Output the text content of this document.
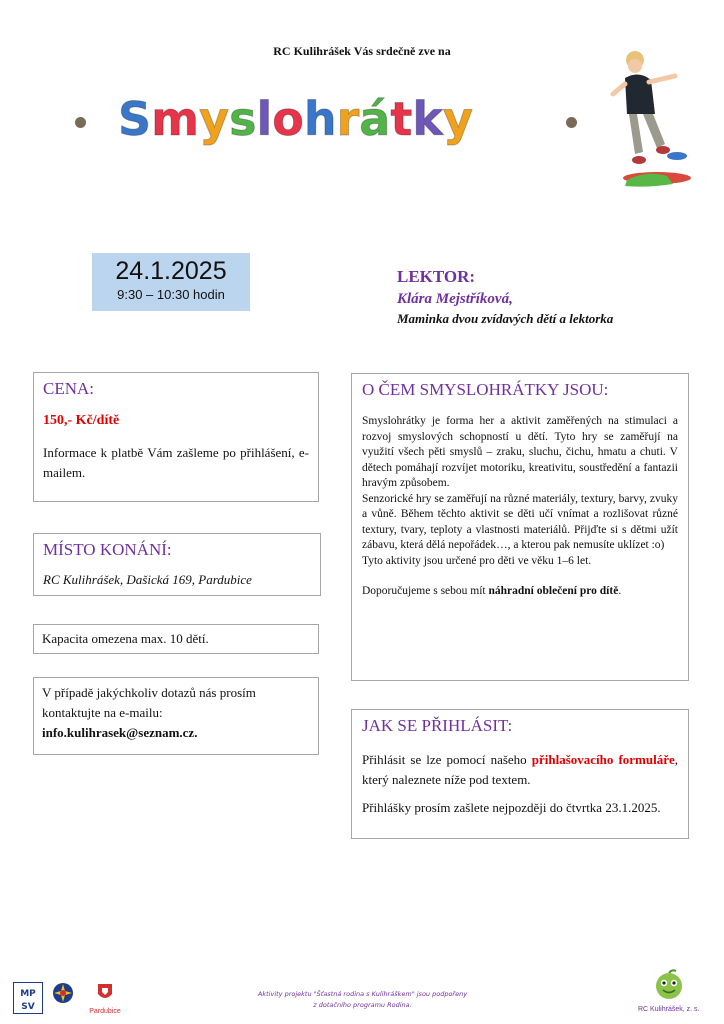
RC Kulihrášek Vás srdečně zve na
Smyslohrátky
24.1.2025
9:30 – 10:30 hodin
LEKTOR:
Klára Mejstříková,
Maminka dvou zvídavých dětí a lektorka
CENA:
150,- Kč/dítě
Informace k platbě Vám zašleme po přihlášení, e-mailem.
MÍSTO KONÁNÍ:
RC Kulihrášek, Dašická 169, Pardubice
Kapacita omezena max. 10 dětí.
V případě jakýchkoliv dotazů nás prosím kontaktujte na e-mailu:
info.kulihrasek@seznam.cz.
O ČEM SMYSLOHRÁTKY JSOU:
Smyslohrátky je forma her a aktivit zaměřených na stimulaci a rozvoj smyslových schopností u dětí. Tyto hry se zaměřují na využití všech pěti smyslů – zraku, sluchu, čichu, hmatu a chuti. V dětech pomáhají rozvíjet motoriku, kreativitu, soustředění a fantazii hravým způsobem.
Senzorické hry se zaměřují na různé materiály, textury, barvy, zvuky a vůně. Během těchto aktivit se děti učí vnímat a rozlišovat různé textury, tvary, teploty a vlastnosti materiálů. Přijďte si s dětmi užít zábavu, která dělá nepořádek…, a kterou pak nemusíte uklízet :o)
Tyto aktivity jsou určené pro děti ve věku 1–6 let.
Doporučujeme s sebou mít náhradní oblečení pro dítě.
JAK SE PŘIHLÁSIT:
Přihlásit se lze pomocí našeho přihlašovacího formuláře, který naleznete níže pod textem.
Přihlášky prosím zašlete nejpozději do čtvrtka 23.1.2025.
MP
SV	Pardubice
Aktivity projektu "Šťastná rodina s Kulihráškem" jsou podpořeny
z dotačního programu Rodina.
RC Kulihrášek, z. s.
